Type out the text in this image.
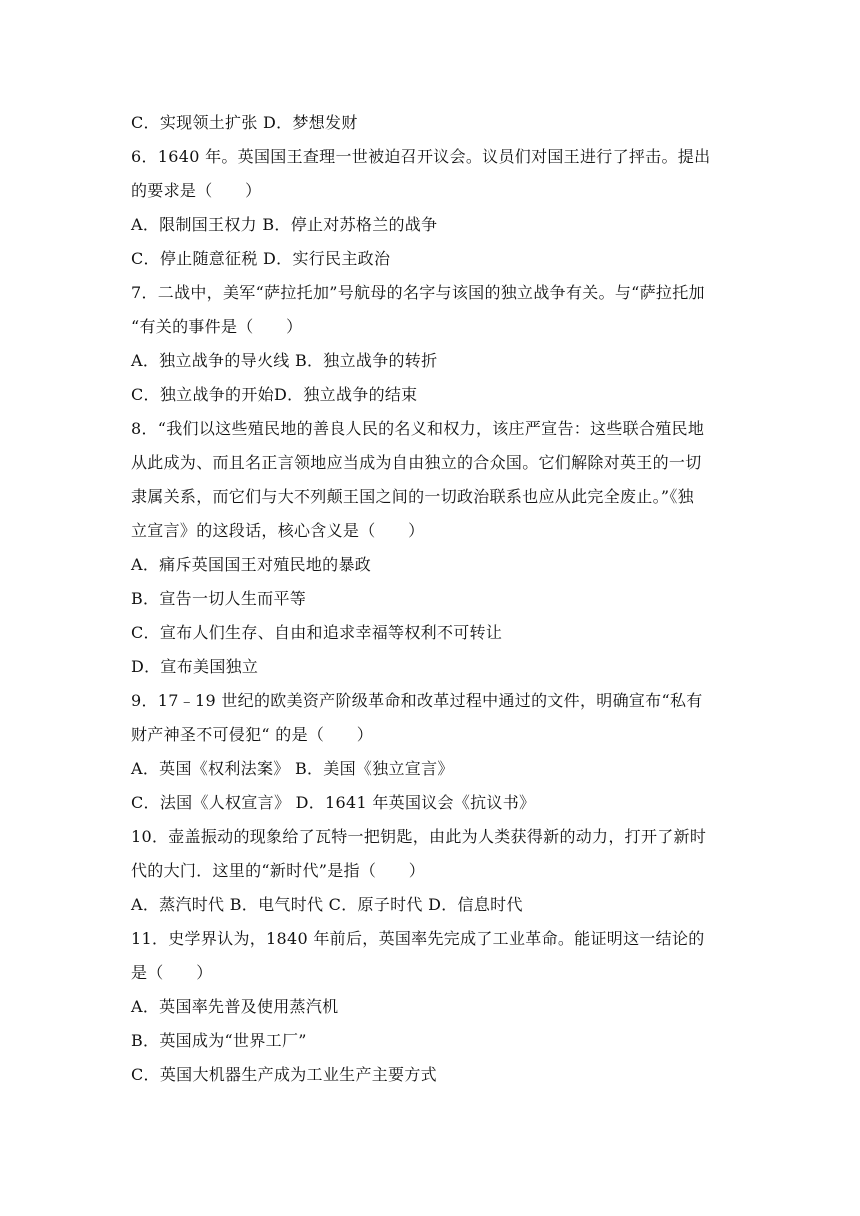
C．实现领土扩张 D．梦想发财
6．1640 年。英国国王查理一世被迫召开议会。议员们对国王进行了抨击。提出
的要求是（　　）
A．限制国王权力 B．停止对苏格兰的战争
C．停止随意征税 D．实行民主政治
7．二战中，美军“萨拉托加”号航母的名字与该国的独立战争有关。与“萨拉托加
“有关的事件是（　　）
A．独立战争的导火线 B．独立战争的转折
C．独立战争的开始D．独立战争的结束
8．“我们以这些殖民地的善良人民的名义和权力，该庄严宣告：这些联合殖民地
从此成为、而且名正言领地应当成为自由独立的合众国。它们解除对英王的一切
隶属关系，而它们与大不列颠王国之间的一切政治联系也应从此完全废止。”《独
立宣言》的这段话，核心含义是（　　）
A．痛斥英国国王对殖民地的暴政
B．宣告一切人生而平等
C．宣布人们生存、自由和追求幸福等权利不可转让
D．宣布美国独立
9．17﹣19 世纪的欧美资产阶级革命和改革过程中通过的文件，明确宣布“私有
财产神圣不可侵犯“ 的是（　　）
A．英国《权利法案》 B．美国《独立宣言》
C．法国《人权宣言》 D．1641 年英国议会《抗议书》
10．壶盖振动的现象给了瓦特一把钥匙，由此为人类获得新的动力，打开了新时
代的大门．这里的“新时代”是指（　　）
A．蒸汽时代 B．电气时代 C．原子时代 D．信息时代
11．史学界认为，1840 年前后，英国率先完成了工业革命。能证明这一结论的
是（　　）
A．英国率先普及使用蒸汽机
B．英国成为“世界工厂”
C．英国大机器生产成为工业生产主要方式
